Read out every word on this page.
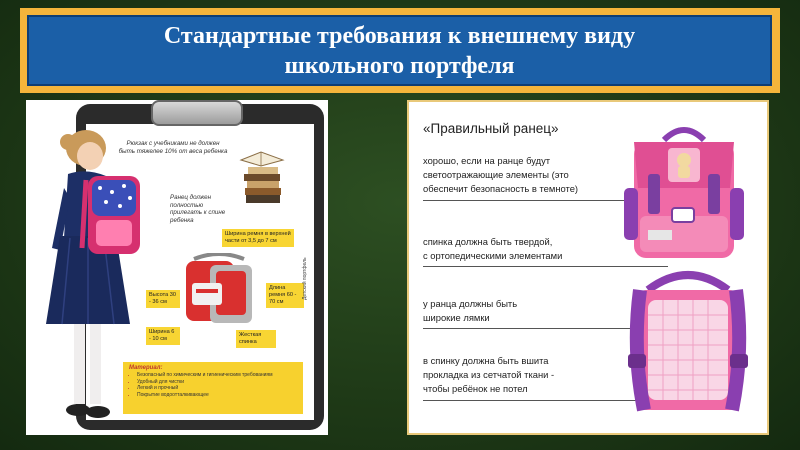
Стандартные требования к внешнему виду
школьного портфеля
Рюкзак с учебниками не должен быть тяжелее 10% от веса ребенка
Ранец должен полностью прилегать к спине ребенка
Ширина ремня в верхней части от 3,5 до 7 см
Длина ремня 60 - 70 см
Высота 30 - 36 см
Ширина 6 - 10 см
Жесткая спинка
Детский портфель
Материал:
• Безопасный по химическим и гигиеническим требованиям
• Удобный для чистки
• Легкий и прочный
• Покрытие водоотталкивающее
«Правильный ранец»
хорошо, если на ранце будут
светоотражающие элементы (это
обеспечит безопасность в темноте)
спинка должна быть твердой,
с ортопедическими элементами
у ранца должны быть
широкие лямки
в спинку должна быть вшита
прокладка из сетчатой ткани -
чтобы ребёнок не потел
